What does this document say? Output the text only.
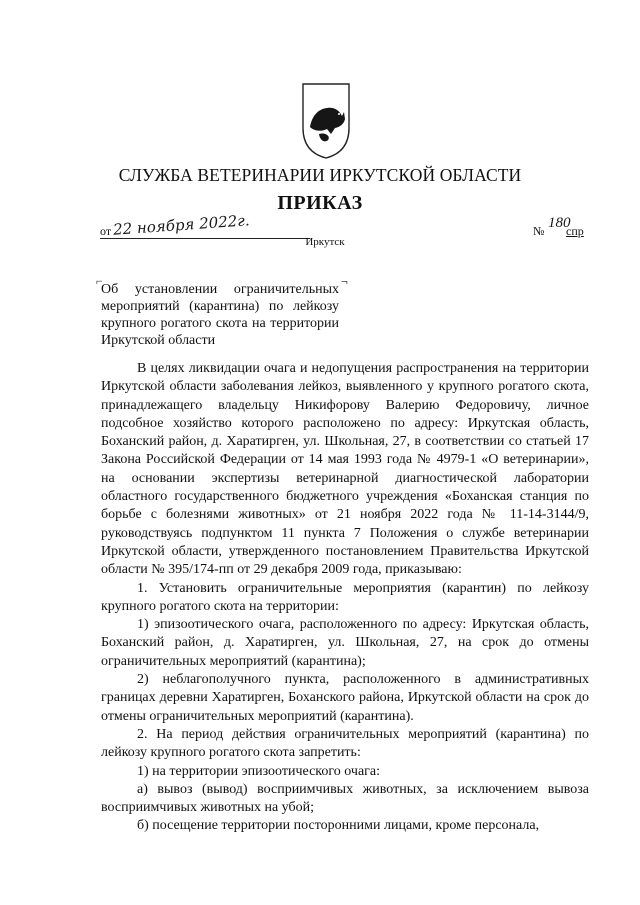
СЛУЖБА ВЕТЕРИНАРИИ ИРКУТСКОЙ ОБЛАСТИ
ПРИКАЗ
от 22 ноября 2022г.	№ 180
спр
Иркутск
⌐	¬
Об установлении ограничительных мероприятий (карантина) по лейкозу крупного рогатого скота на территории Иркутской области

В целях ликвидации очага и недопущения распространения на территории Иркутской области заболевания лейкоз, выявленного у крупного рогатого скота, принадлежащего владельцу Никифорову Валерию Федоровичу, личное подсобное хозяйство которого расположено по адресу: Иркутская область, Боханский район, д. Харатирген, ул. Школьная, 27, в соответствии со статьей 17 Закона Российской Федерации от 14 мая 1993 года № 4979-1 «О ветеринарии», на основании экспертизы ветеринарной диагностической лаборатории областного государственного бюджетного учреждения «Боханская станция по борьбе с болезнями животных» от 21 ноября 2022 года № 11-14-3144/9, руководствуясь подпунктом 11 пункта 7 Положения о службе ветеринарии Иркутской области, утвержденного постановлением Правительства Иркутской области № 395/174-пп от 29 декабря 2009 года, приказываю:

1. Установить ограничительные мероприятия (карантин) по лейкозу крупного рогатого скота на территории:

1) эпизоотического очага, расположенного по адресу: Иркутская область, Боханский район, д. Харатирген, ул. Школьная, 27, на срок до отмены ограничительных мероприятий (карантина);

2) неблагополучного пункта, расположенного в административных границах деревни Харатирген, Боханского района, Иркутской области на срок до отмены ограничительных мероприятий (карантина).

2. На период действия ограничительных мероприятий (карантина) по лейкозу крупного рогатого скота запретить:

1) на территории эпизоотического очага:

а) вывоз (вывод) восприимчивых животных, за исключением вывоза восприимчивых животных на убой;

б) посещение территории посторонними лицами, кроме персонала,
